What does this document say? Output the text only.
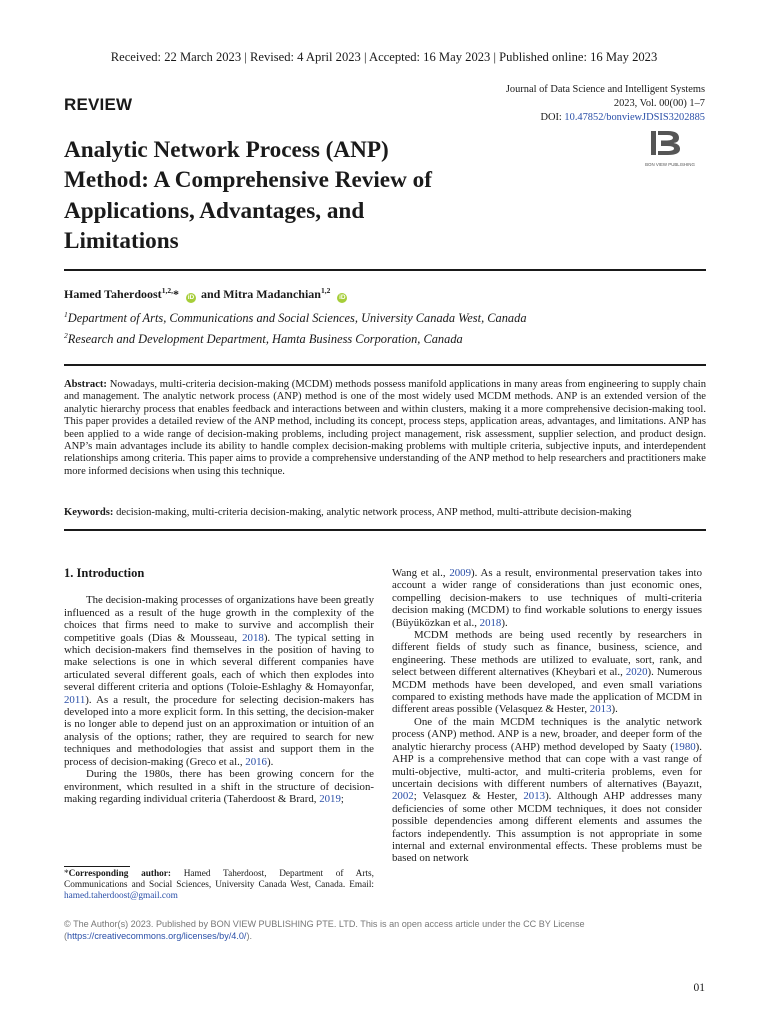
Received: 22 March 2023 | Revised: 4 April 2023 | Accepted: 16 May 2023 | Published online: 16 May 2023
REVIEW
Journal of Data Science and Intelligent Systems
2023, Vol. 00(00) 1–7
DOI: 10.47852/bonviewJDSIS3202885
BON VIEW PUBLISHING
Analytic Network Process (ANP) Method: A Comprehensive Review of Applications, Advantages, and Limitations
Hamed Taherdoost$^{1,2,}$* iD and Mitra Madanchian$^{1,2}$ iD
$^1$Department of Arts, Communications and Social Sciences, University Canada West, Canada
$^2$Research and Development Department, Hamta Business Corporation, Canada

Abstract: Nowadays, multi-criteria decision-making (MCDM) methods possess manifold applications in many areas from engineering to supply chain and management. The analytic network process (ANP) method is one of the most widely used MCDM methods. ANP is an extended version of the analytic hierarchy process that enables feedback and interactions between and within clusters, making it a more comprehensive decision-making tool. This paper provides a detailed review of the ANP method, including its concept, process steps, application areas, advantages, and limitations. ANP has been applied to a wide range of decision-making problems, including project management, risk assessment, supplier selection, and product design. ANP’s main advantages include its ability to handle complex decision-making problems with multiple criteria, subjective inputs, and interdependent relationships among criteria. This paper aims to provide a comprehensive understanding of the ANP method to help researchers and practitioners make more informed decisions when using this technique.

Keywords: decision-making, multi-criteria decision-making, analytic network process, ANP method, multi-attribute decision-making
1. Introduction

The decision-making processes of organizations have been greatly influenced as a result of the huge growth in the complexity of the choices that firms need to make to survive and accomplish their competitive goals (Dias & Mousseau, 2018). The typical setting in which decision-makers find themselves in the position of having to make selections is one in which several different companies have articulated several different goals, each of which then explodes into several different criteria and options (Toloie-Eshlaghy & Homayonfar, 2011). As a result, the procedure for selecting decision-makers has developed into a more explicit form. In this setting, the decision-maker is no longer able to depend just on an approximation or intuition of an analysis of the options; rather, they are required to search for new techniques and methodologies that assist and support them in the process of decision-making (Greco et al., 2016).

During the 1980s, there has been growing concern for the environment, which resulted in a shift in the structure of decision-making regarding individual criteria (Taherdoost & Brard, 2019;

Wang et al., 2009). As a result, environmental preservation takes into account a wider range of considerations than just economic ones, compelling decision-makers to use techniques of multi-criteria decision making (MCDM) to find workable solutions to energy issues (Büyüközkan et al., 2018).

MCDM methods are being used recently by researchers in different fields of study such as finance, business, science, and engineering. These methods are utilized to evaluate, sort, rank, and select between different alternatives (Kheybari et al., 2020). Numerous MCDM methods have been developed, and even small variations compared to existing methods have made the application of MCDM in different areas possible (Velasquez & Hester, 2013).

One of the main MCDM techniques is the analytic network process (ANP) method. ANP is a new, broader, and deeper form of the analytic hierarchy process (AHP) method developed by Saaty (1980). AHP is a comprehensive method that can cope with a vast range of multi-objective, multi-actor, and multi-criteria problems, even for uncertain decisions with different numbers of alternatives (Bayazıt, 2002; Velasquez & Hester, 2013). Although AHP addresses many deficiencies of some other MCDM techniques, it does not consider possible dependencies among different elements and assumes the factors independently. This assumption is not appropriate in some internal and external environmental effects. These problems must be based on network

*Corresponding author: Hamed Taherdoost, Department of Arts, Communications and Social Sciences, University Canada West, Canada. Email: hamed.taherdoost@gmail.com
© The Author(s) 2023. Published by BON VIEW PUBLISHING PTE. LTD. This is an open access article under the CC BY License (https://creativecommons.org/licenses/by/4.0/).
01
